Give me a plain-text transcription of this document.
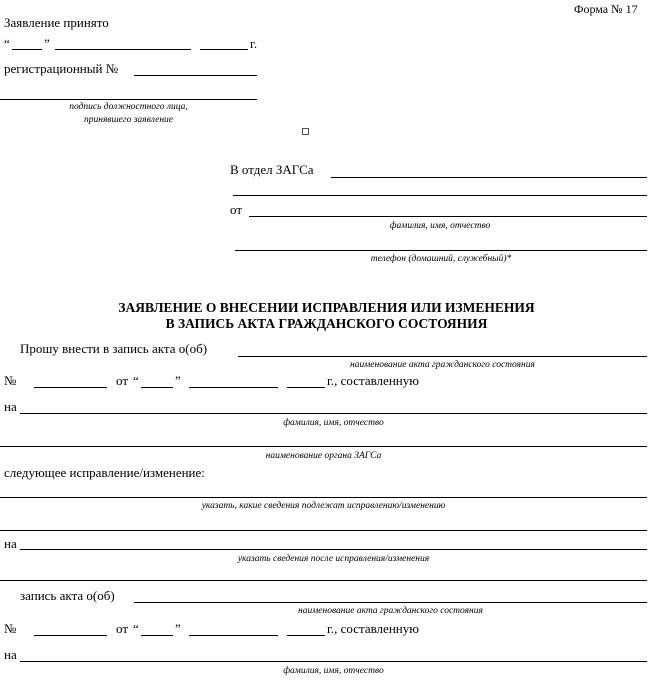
Форма № 17
Заявление принято
“	”	г.
регистрационный №
подпись должностного лица,
принявшего заявление
В отдел ЗАГСа
от
фамилия, имя, отчество
телефон (домашний, служебный)*
ЗАЯВЛЕНИЕ О ВНЕСЕНИИ ИСПРАВЛЕНИЯ ИЛИ ИЗМЕНЕНИЯ
В ЗАПИСЬ АКТА ГРАЖДАНСКОГО СОСТОЯНИЯ
Прошу внести в запись акта о(об)
наименование акта гражданского состояния
№	от “	”	г., составленную
на
фамилия, имя, отчество
наименование органа ЗАГСа
следующее исправление/изменение:
указать, какие сведения подлежат исправлению/изменению
на
указать сведения после исправления/изменения
запись акта о(об)
наименование акта гражданского состояния
№	от “	”	г., составленную
на
фамилия, имя, отчество
